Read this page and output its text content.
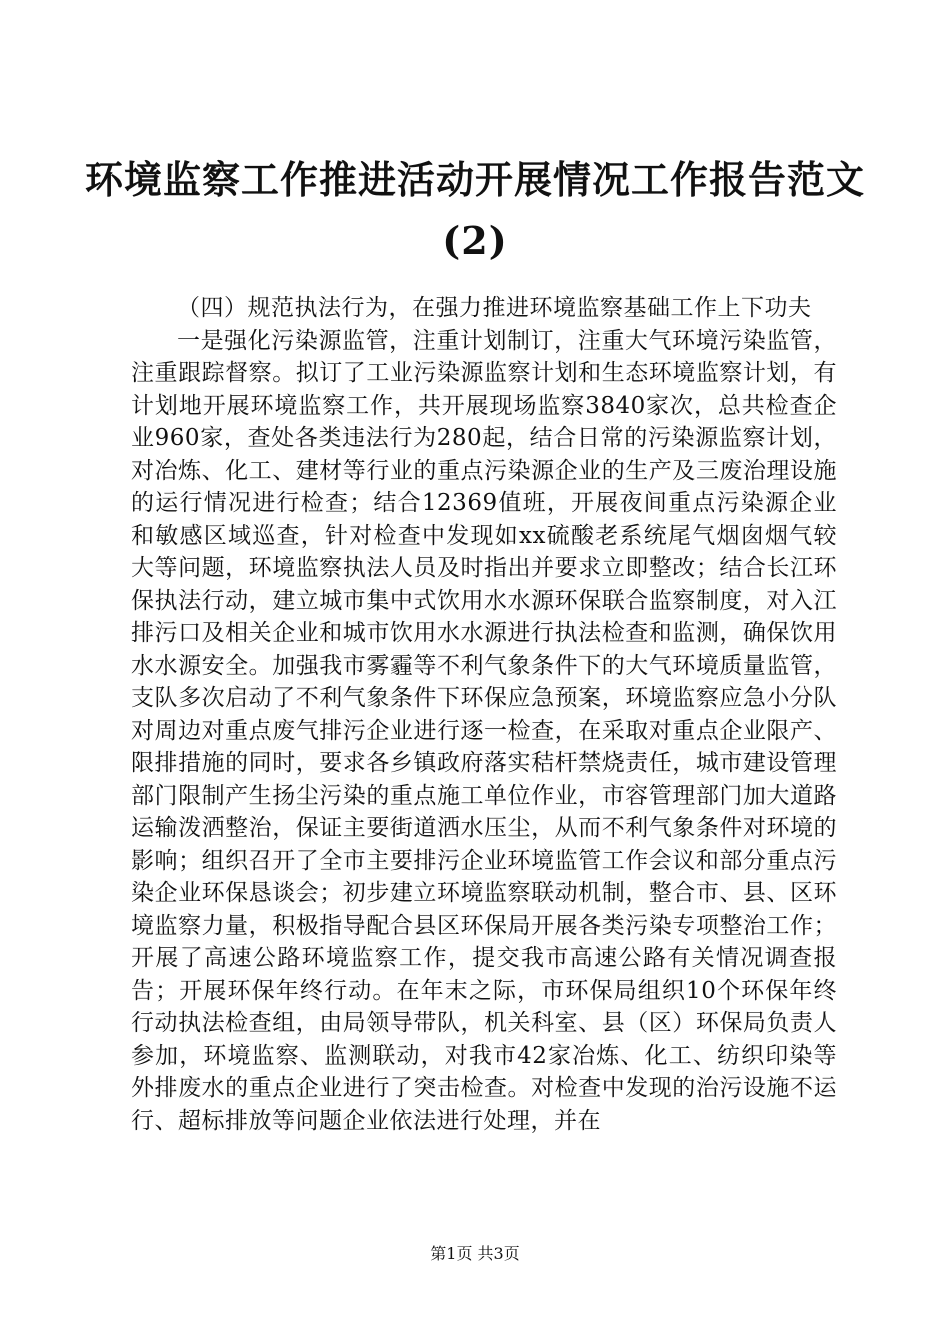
环境监察工作推进活动开展情况工作报告范文
(2)

（四）规范执法行为，在强力推进环境监察基础工作上下功夫

一是强化污染源监管，注重计划制订，注重大气环境污染监管，注重跟踪督察。拟订了工业污染源监察计划和生态环境监察计划，有计划地开展环境监察工作，共开展现场监察3840家次，总共检查企业960家，查处各类违法行为280起，结合日常的污染源监察计划，对冶炼、化工、建材等行业的重点污染源企业的生产及三废治理设施的运行情况进行检查；结合12369值班，开展夜间重点污染源企业和敏感区域巡查，针对检查中发现如xx硫酸老系统尾气烟囱烟气较大等问题，环境监察执法人员及时指出并要求立即整改；结合长江环保执法行动，建立城市集中式饮用水水源环保联合监察制度，对入江排污口及相关企业和城市饮用水水源进行执法检查和监测，确保饮用水水源安全。加强我市雾霾等不利气象条件下的大气环境质量监管，支队多次启动了不利气象条件下环保应急预案，环境监察应急小分队对周边对重点废气排污企业进行逐一检查，在采取对重点企业限产、限排措施的同时，要求各乡镇政府落实秸杆禁烧责任，城市建设管理部门限制产生扬尘污染的重点施工单位作业，市容管理部门加大道路运输泼洒整治，保证主要街道洒水压尘，从而不利气象条件对环境的影响；组织召开了全市主要排污企业环境监管工作会议和部分重点污染企业环保恳谈会；初步建立环境监察联动机制，整合市、县、区环境监察力量，积极指导配合县区环保局开展各类污染专项整治工作；开展了高速公路环境监察工作，提交我市高速公路有关情况调查报告；开展环保年终行动。在年末之际，市环保局组织10个环保年终行动执法检查组，由局领导带队，机关科室、县（区）环保局负责人参加，环境监察、监测联动，对我市42家冶炼、化工、纺织印染等外排废水的重点企业进行了突击检查。对检查中发现的治污设施不运行、超标排放等问题企业依法进行处理，并在

第1页 共3页
